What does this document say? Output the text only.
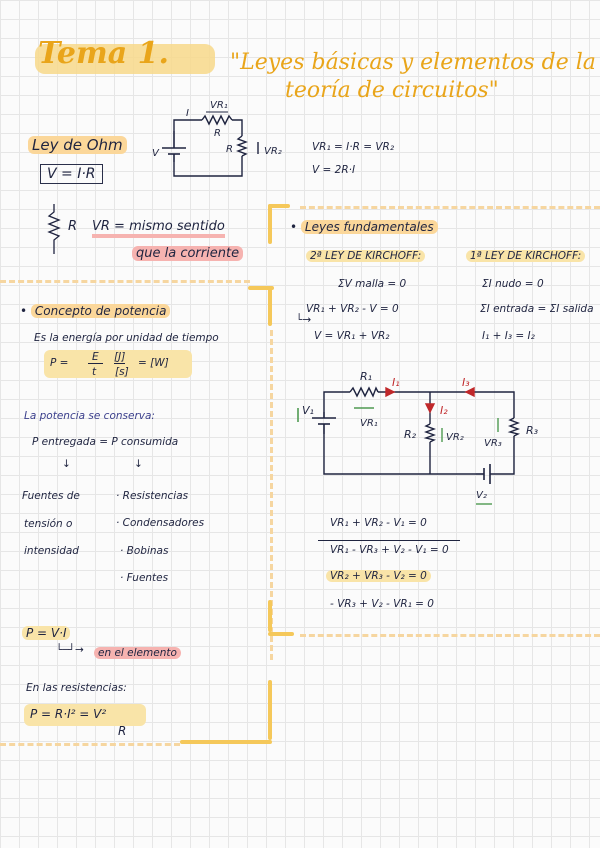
Tema 1.	"Leyes básicas y elementos de la
teoría de circuitos"
Ley de Ohm
V = I·R
I
VR₁
R
R
V	VR₂	VR₁ = I·R = VR₂
V = 2R·I
R VR = mismo sentido
que la corriente
• Concepto de potencia
Es la energía por unidad de tiempo
P =	E
t
[J]
[s]
= [W]
La potencia se conserva:
P entregada = P consumida
↓	↓
Fuentes de
tensión o
intensidad
· Resistencias
· Condensadores
· Bobinas
· Fuentes
P = V·I
└─┘→	en el elemento
En las resistencias:
P = R·I² = V²
R
• Leyes fundamentales
2ª LEY DE KIRCHOFF:	1ª LEY DE KIRCHOFF:
ΣV malla = 0	ΣI nudo = 0
VR₁ + VR₂ - V = 0
└→
ΣI entrada = ΣI salida
V = VR₁ + VR₂	I₁ + I₃ = I₂
I₁	I₃
I₂
R₁
R₂	R₃
V₁
VR₁
VR₂
VR₃
V₂
VR₁ + VR₂ - V₁ = 0
VR₁ - VR₃ + V₂ - V₁ = 0
VR₂ + VR₃ - V₂ = 0
- VR₃ + V₂ - VR₁ = 0
